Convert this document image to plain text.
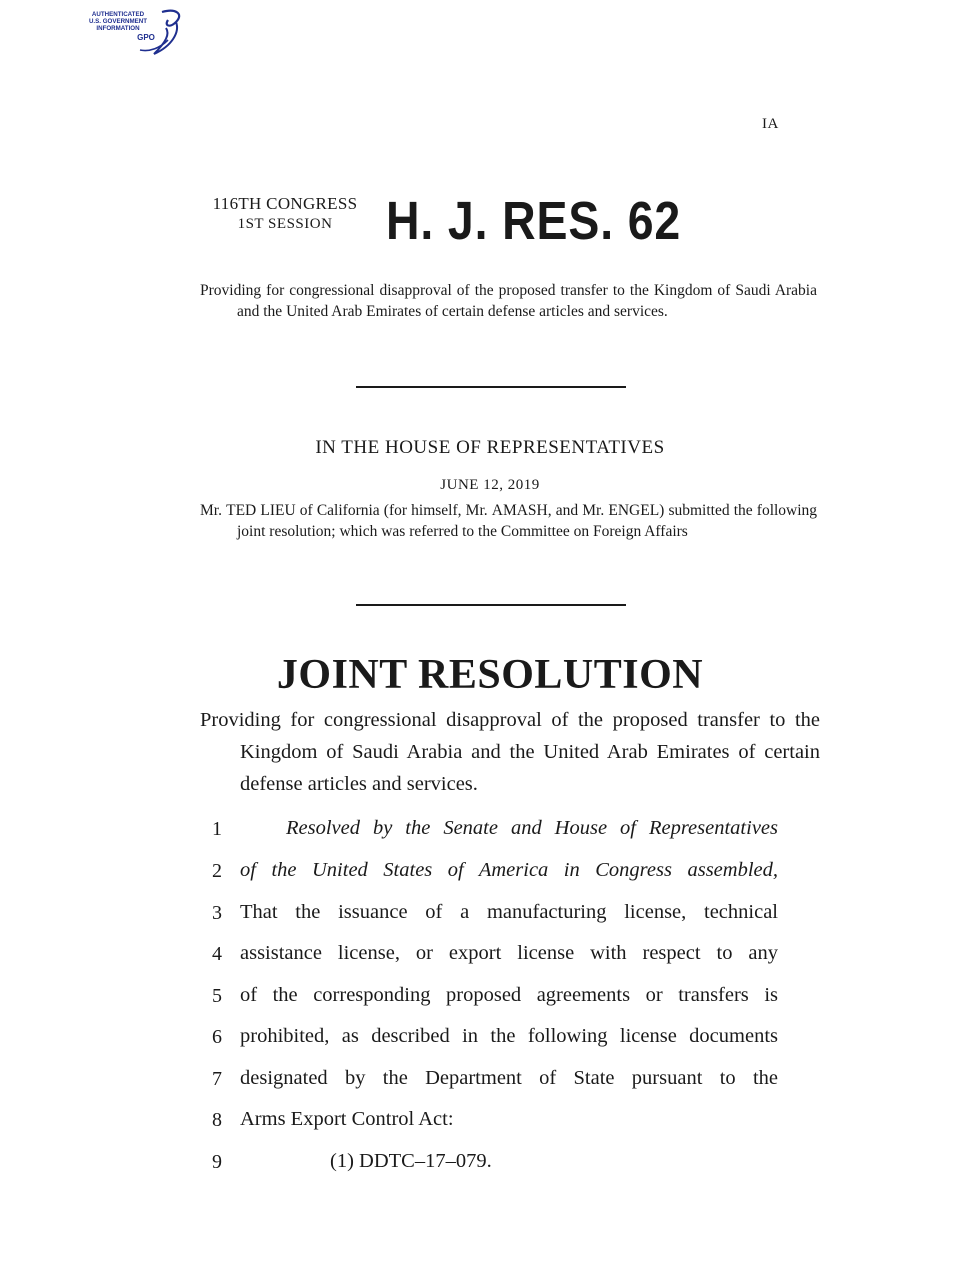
AUTHENTICATED
U.S. GOVERNMENT
INFORMATION
GPO
IA
116TH CONGRESS
1ST SESSION H. J. RES. 62
Providing for congressional disapproval of the proposed transfer to the Kingdom of Saudi Arabia and the United Arab Emirates of certain defense articles and services.
IN THE HOUSE OF REPRESENTATIVES
JUNE 12, 2019
Mr. TED LIEU of California (for himself, Mr. AMASH, and Mr. ENGEL) submitted the following joint resolution; which was referred to the Committee on Foreign Affairs
JOINT RESOLUTION
Providing for congressional disapproval of the proposed transfer to the Kingdom of Saudi Arabia and the United Arab Emirates of certain defense articles and services.
1	Resolved by the Senate and House of Representatives
2 of the United States of America in Congress assembled,
3 That the issuance of a manufacturing license, technical
4 assistance license, or export license with respect to any
5 of the corresponding proposed agreements or transfers is
6 prohibited, as described in the following license documents
7 designated by the Department of State pursuant to the
8 Arms Export Control Act:
9	(1) DDTC–17–079.
